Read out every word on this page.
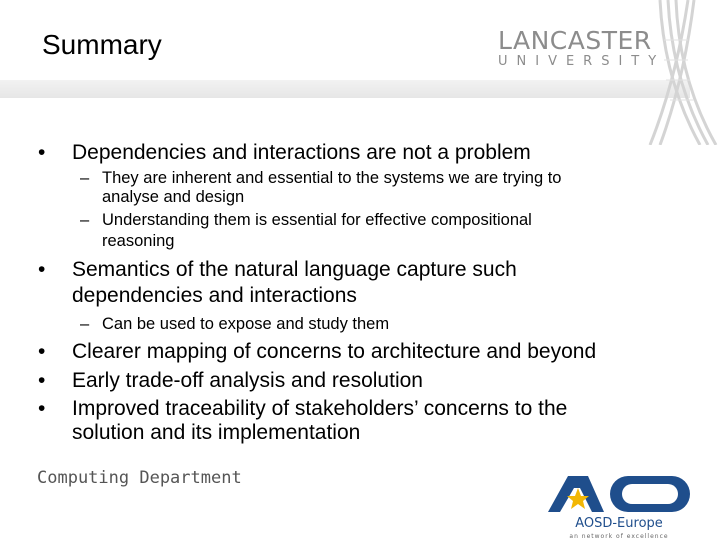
Summary	LANCASTER
UNIVERSITY
• Dependencies and interactions are not a problem
– They are inherent and essential to the systems we are trying to
analyse and design
– Understanding them is essential for effective compositional
reasoning
• Semantics of the natural language capture such
dependencies and interactions
– Can be used to expose and study them
• Clearer mapping of concerns to architecture and beyond
• Early trade-off analysis and resolution
• Improved traceability of stakeholders’ concerns to the
solution and its implementation
Computing Department
AOSD-Europe
an network of excellence
